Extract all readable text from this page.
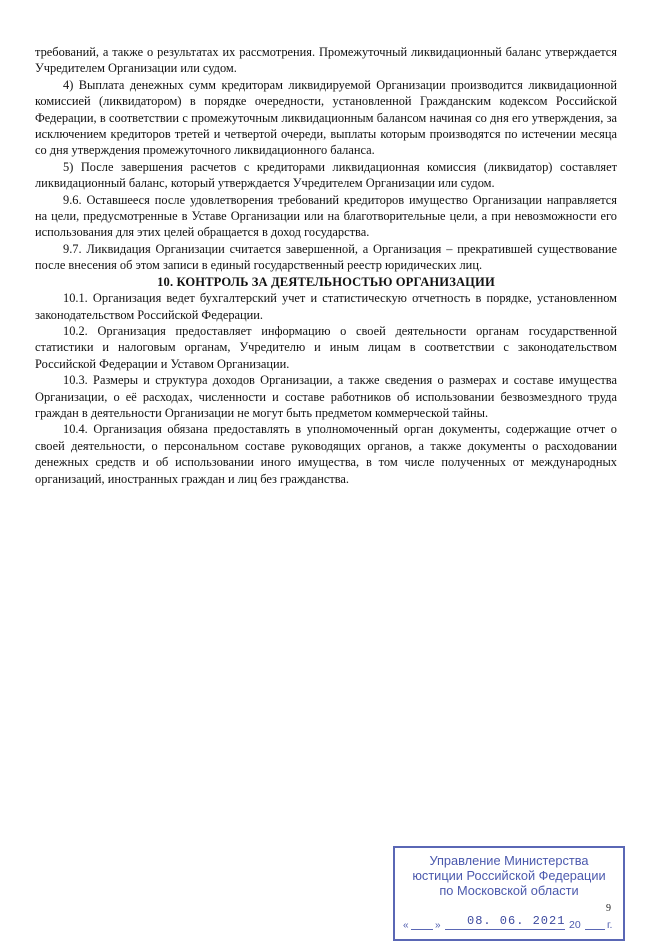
требований, а также о результатах их рассмотрения. Промежуточный ликвидационный баланс утверждается Учредителем Организации или судом.

4) Выплата денежных сумм кредиторам ликвидируемой Организации производится ликвидационной комиссией (ликвидатором) в порядке очередности, установленной Гражданским кодексом Российской Федерации, в соответствии с промежуточным ликвидационным балансом начиная со дня его утверждения, за исключением кредиторов третей и четвертой очереди, выплаты которым производятся по истечении месяца со дня утверждения промежуточного ликвидационного баланса.

5) После завершения расчетов с кредиторами ликвидационная комиссия (ликвидатор) составляет ликвидационный баланс, который утверждается Учредителем Организации или судом.

9.6. Оставшееся после удовлетворения требований кредиторов имущество Организации направляется на цели, предусмотренные в Уставе Организации или на благотворительные цели, а при невозможности его использования для этих целей обращается в доход государства.

9.7. Ликвидация Организации считается завершенной, а Организация – прекратившей существование после внесения об этом записи в единый государственный реестр юридических лиц.

10. КОНТРОЛЬ ЗА ДЕЯТЕЛЬНОСТЬЮ ОРГАНИЗАЦИИ

10.1. Организация ведет бухгалтерский учет и статистическую отчетность в порядке, установленном законодательством Российской Федерации.

10.2. Организация предоставляет информацию о своей деятельности органам государственной статистики и налоговым органам, Учредителю и иным лицам в соответствии с законодательством Российской Федерации и Уставом Организации.

10.3. Размеры и структура доходов Организации, а также сведения о размерах и составе имущества Организации, о её расходах, численности и составе работников об использовании безвозмездного труда граждан в деятельности Организации не могут быть предметом коммерческой тайны.

10.4. Организация обязана предоставлять в уполномоченный орган документы, содержащие отчет о своей деятельности, о персональном составе руководящих органов, а также документы о расходовании денежных средств и об использовании иного имущества, в том числе полученных от международных организаций, иностранных граждан и лиц без гражданства.

Управление Министерства
юстиции Российской Федерации
по Московской области
«	» 08. 06. 2021 20	г.
9
